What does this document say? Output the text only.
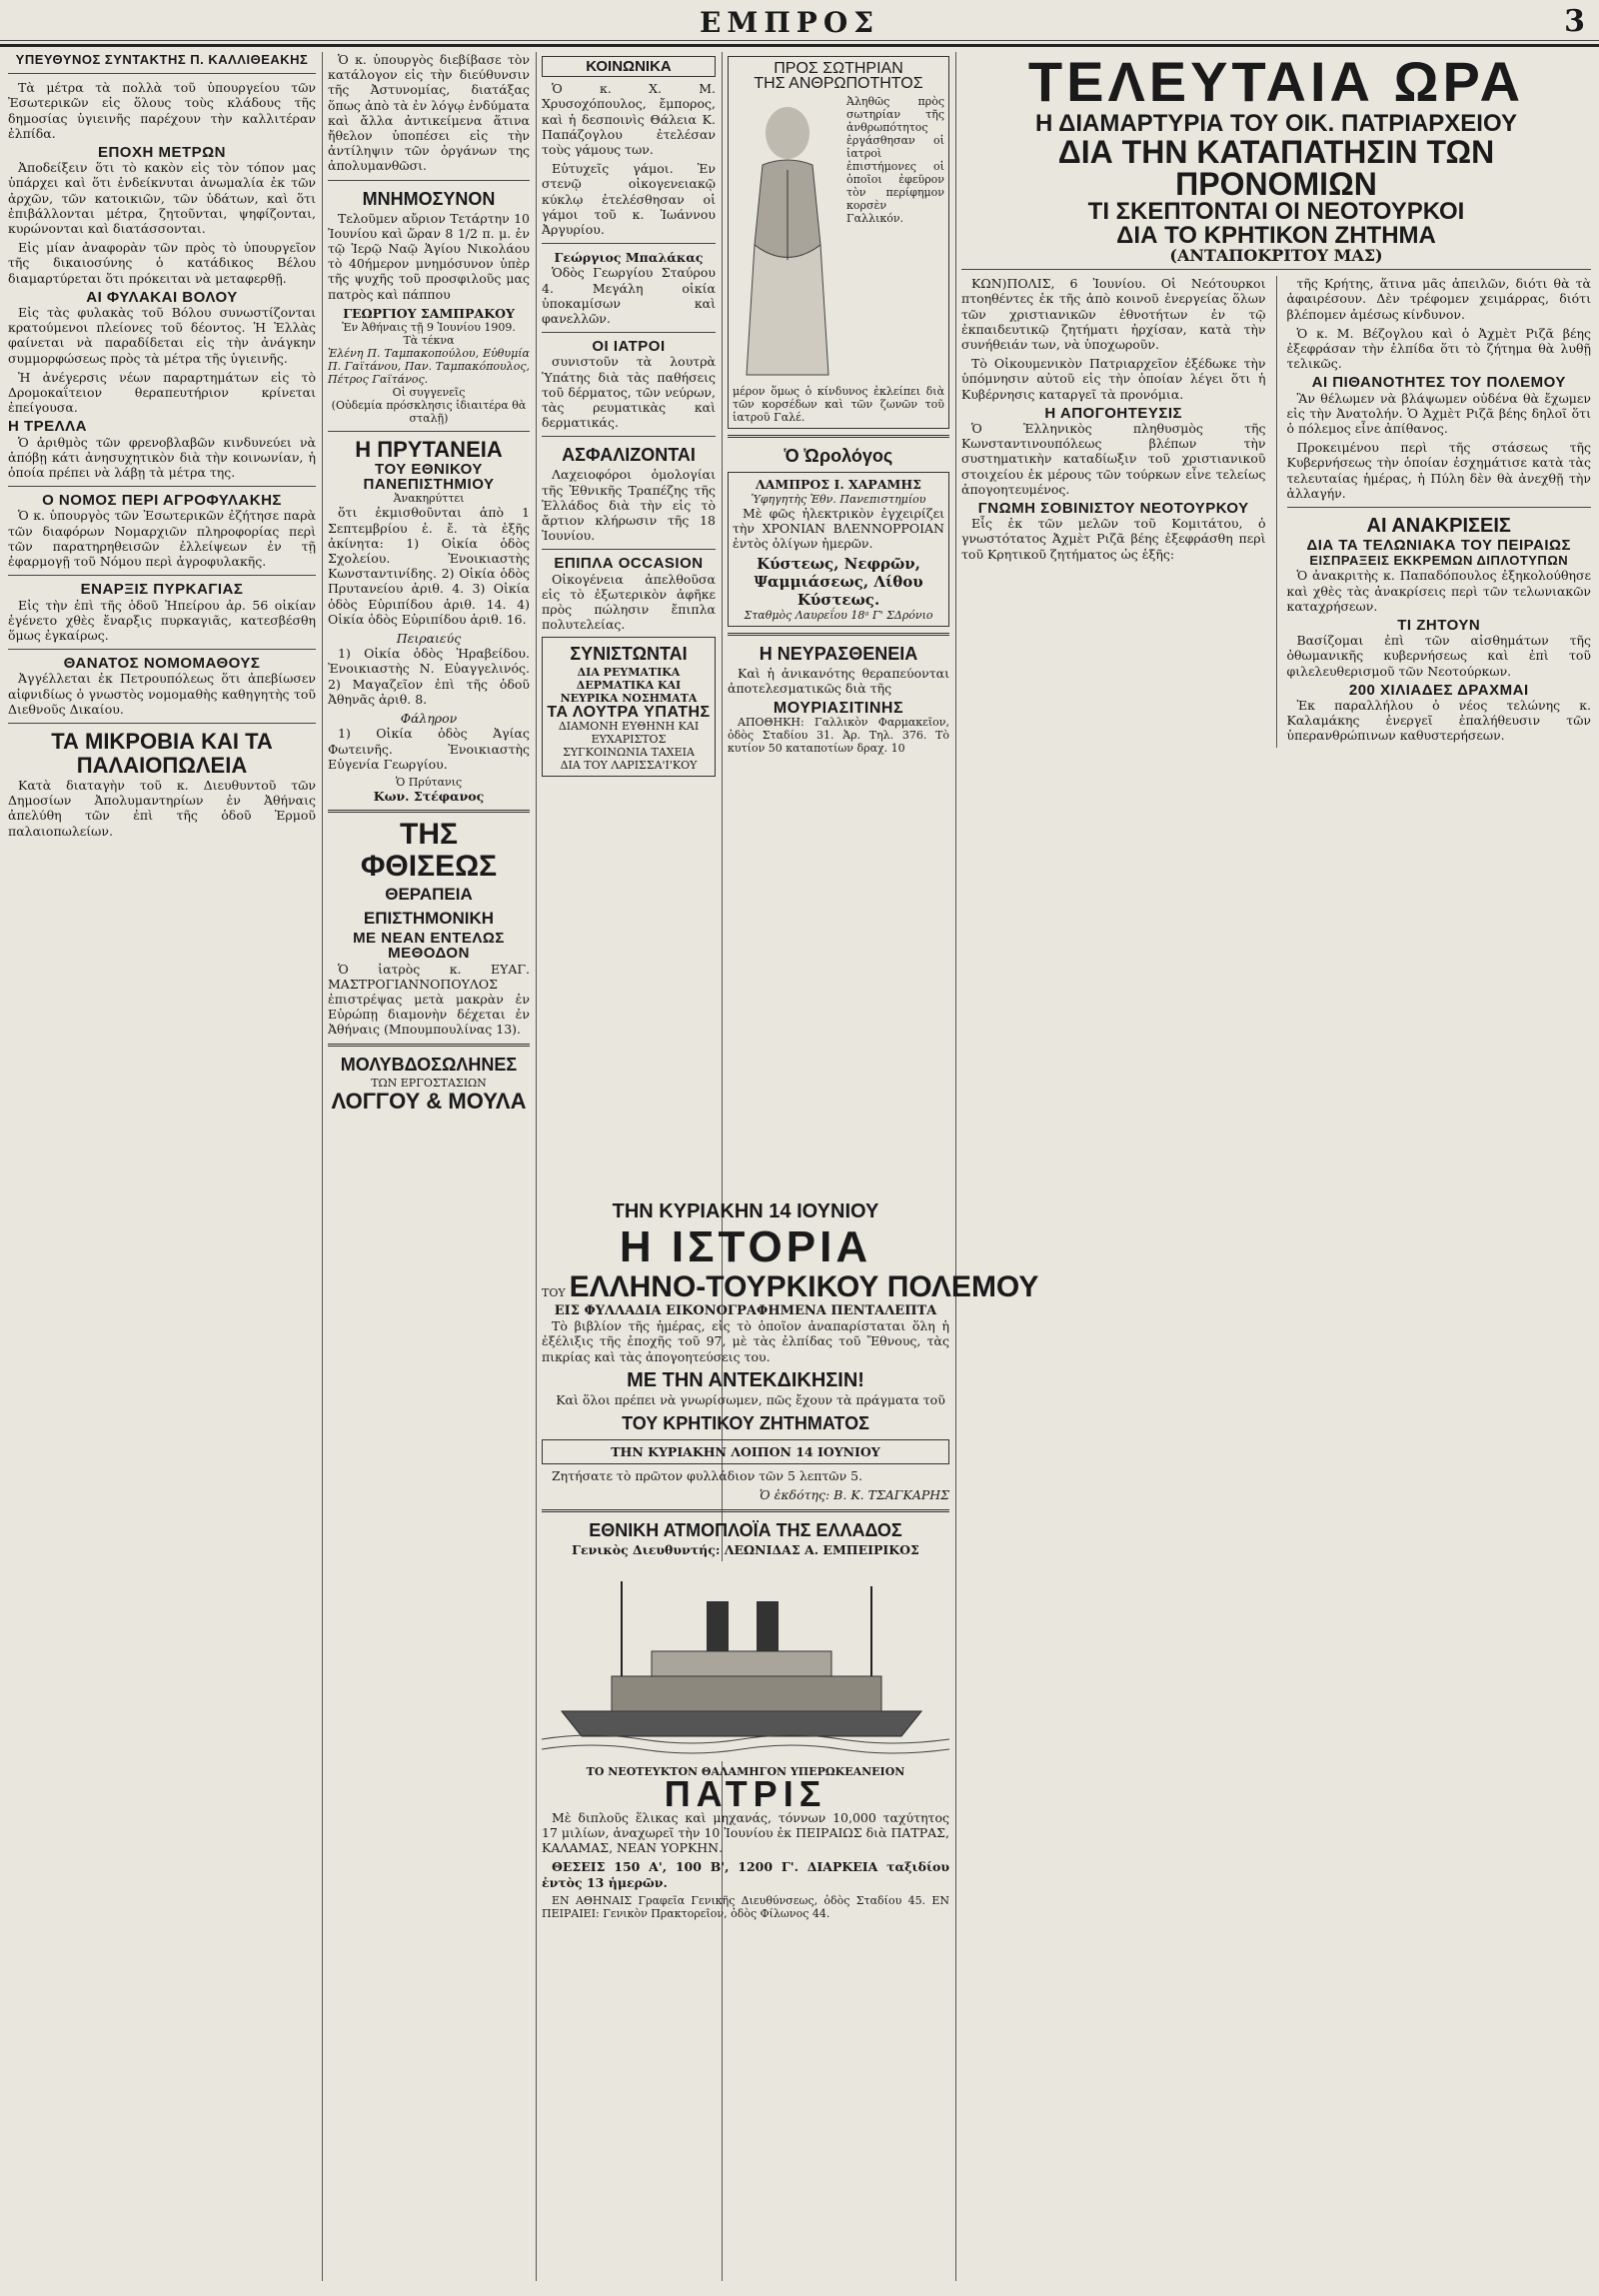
ΕΜΠΡΟΣ	3
ΥΠΕΥΘΥΝΟΣ ΣΥΝΤΑΚΤΗΣ Π. ΚΑΛΛΙΘΕΑΚΗΣ

Τὰ μέτρα τὰ πολλὰ τοῦ ὑπουργείου τῶν Ἐσωτερικῶν εἰς ὅλους τοὺς κλάδους τῆς δημοσίας ὑγιεινῆς παρέχουν τὴν καλλιτέραν ἐλπίδα.

ΕΠΟΧΗ ΜΕΤΡΩΝ

Ἀποδείξειν ὅτι τὸ κακὸν εἰς τὸν τόπον μας ὑπάρχει καὶ ὅτι ἐνδείκνυται ἀνωμαλία ἐκ τῶν ἀρχῶν, τῶν κατοικιῶν, τῶν ὑδάτων, καὶ ὅτι ἐπιβάλλονται μέτρα, ζητοῦνται, ψηφίζονται, κυρώνονται καὶ διατάσσονται.

Εἰς μίαν ἀναφορὰν τῶν πρὸς τὸ ὑπουργεῖον τῆς δικαιοσύνης ὁ κατάδικος Βέλου διαμαρτύρεται ὅτι πρόκειται νὰ μεταφερθῇ.

ΑΙ ΦΥΛΑΚΑΙ ΒΟΛΟΥ

Εἰς τὰς φυλακὰς τοῦ Βόλου συνωστίζονται κρατούμενοι πλείονες τοῦ δέοντος. Ἡ Ἑλλὰς φαίνεται νὰ παραδίδεται εἰς τὴν ἀνάγκην συμμορφώσεως πρὸς τὰ μέτρα τῆς ὑγιεινῆς.

Ἡ ἀνέγερσις νέων παραρτημάτων εἰς τὸ Δρομοκαΐτειον θεραπευτήριον κρίνεται ἐπείγουσα.

Η ΤΡΕΛΛΑ

Ὁ ἀριθμὸς τῶν φρενοβλαβῶν κινδυνεύει νὰ ἀπόβῃ κάτι ἀνησυχητικὸν διὰ τὴν κοινωνίαν, ἡ ὁποία πρέπει νὰ λάβῃ τὰ μέτρα της.

Ο ΝΟΜΟΣ ΠΕΡΙ ΑΓΡΟΦΥΛΑΚΗΣ

Ὁ κ. ὑπουργὸς τῶν Ἐσωτερικῶν ἐζήτησε παρὰ τῶν διαφόρων Νομαρχιῶν πληροφορίας περὶ τῶν παρατηρηθεισῶν ἐλλείψεων ἐν τῇ ἐφαρμογῇ τοῦ Νόμου περὶ ἀγροφυλακῆς.

ΕΝΑΡΞΙΣ ΠΥΡΚΑΓΙΑΣ

Εἰς τὴν ἐπὶ τῆς ὁδοῦ Ἠπείρου ἀρ. 56 οἰκίαν ἐγένετο χθὲς ἔναρξις πυρκαγιᾶς, κατεσβέσθη ὅμως ἐγκαίρως.

ΘΑΝΑΤΟΣ ΝΟΜΟΜΑΘΟΥΣ

Ἀγγέλλεται ἐκ Πετρουπόλεως ὅτι ἀπεβίωσεν αἰφνιδίως ὁ γνωστὸς νομομαθὴς καθηγητὴς τοῦ Διεθνοῦς Δικαίου.

ΤΑ ΜΙΚΡΟΒΙΑ ΚΑΙ ΤΑ ΠΑΛΑΙΟΠΩΛΕΙΑ

Κατὰ διαταγὴν τοῦ κ. Διευθυντοῦ τῶν Δημοσίων Ἀπολυμαντηρίων ἐν Ἀθήναις ἀπελύθη τῶν ἐπὶ τῆς ὁδοῦ Ἑρμοῦ παλαιοπωλείων.

Ὁ κ. ὑπουργὸς διεβίβασε τὸν κατάλογον εἰς τὴν διεύθυνσιν τῆς Ἀστυνομίας, διατάξας ὅπως ἀπὸ τὰ ἐν λόγῳ ἐνδύματα καὶ ἄλλα ἀντικείμενα ἅτινα ἤθελον ὑποπέσει εἰς τὴν ἀντίληψιν τῶν ὀργάνων της ἀπολυμανθῶσι.

ΜΝΗΜΟΣΥΝΟΝ

Τελοῦμεν αὔριον Τετάρτην 10 Ἰουνίου καὶ ὥραν 8 1/2 π. μ. ἐν τῷ Ἱερῷ Ναῷ Ἁγίου Νικολάου τὸ 40ήμερον μνημόσυνον ὑπὲρ τῆς ψυχῆς τοῦ προσφιλοῦς μας πατρὸς καὶ πάππου

ΓΕΩΡΓΙΟΥ ΣΑΜΠΡΑΚΟΥ
Ἐν Ἀθήναις τῇ 9 Ἰουνίου 1909.
Τὰ τέκνα
Ἑλένη Π. Ταμπακοπούλου, Εὐθυμία Π. Γαϊτάνου, Παν. Ταμπακόπουλος, Πέτρος Γαϊτάνος.
Οἱ συγγενεῖς
(Οὐδεμία πρόσκλησις ἰδιαιτέρα θὰ σταλῇ)
Η ΠΡΥΤΑΝΕΙΑ
ΤΟΥ ΕΘΝΙΚΟΥ ΠΑΝΕΠΙΣΤΗΜΙΟΥ
Ἀνακηρύττει

ὅτι ἐκμισθοῦνται ἀπὸ 1 Σεπτεμβρίου ἐ. ἔ. τὰ ἑξῆς ἀκίνητα: 1) Οἰκία ὁδὸς Σχολείου. Ἐνοικιαστὴς Κωνσταντινίδης. 2) Οἰκία ὁδὸς Πρυτανείου ἀριθ. 4. 3) Οἰκία ὁδὸς Εὐριπίδου ἀριθ. 14. 4) Οἰκία ὁδὸς Εὐριπίδου ἀριθ. 16.

Πειραιεύς

1) Οἰκία ὁδὸς Ἠραβείδου. Ἐνοικιαστὴς Ν. Εὐαγγελινός. 2) Μαγαζεῖον ἐπὶ τῆς ὁδοῦ Ἀθηνᾶς ἀριθ. 8.

Φάληρον

1) Οἰκία ὁδὸς Ἀγίας Φωτεινῆς. Ἐνοικιαστὴς Εὐγενία Γεωργίου.

Ὁ Πρύτανις
Κων. Στέφανος
ΤΗΣ ΦΘΙΣΕΩΣ
ΘΕΡΑΠΕΙΑ ΕΠΙΣΤΗΜΟΝΙΚΗ
ΜΕ ΝΕΑΝ ΕΝΤΕΛΩΣ ΜΕΘΟΔΟΝ

Ὁ ἰατρὸς κ. ΕΥΑΓ. ΜΑΣΤΡΟΓΙΑΝΝΟΠΟΥΛΟΣ ἐπιστρέψας μετὰ μακρὰν ἐν Εὐρώπῃ διαμονὴν δέχεται ἐν Ἀθήναις (Μπουμπουλίνας 13).

ΜΟΛΥΒΔΟΣΩΛΗΝΕΣ
ΤΩΝ ΕΡΓΟΣΤΑΣΙΩΝ
ΛΟΓΓΟΥ & ΜΟΥΛΑ
ΚΟΙΝΩΝΙΚΑ

Ὁ κ. Χ. Μ. Χρυσοχόπουλος, ἔμπορος, καὶ ἡ δεσποινὶς Θάλεια Κ. Παπάζογλου ἐτελέσαν τοὺς γάμους των.

Εὐτυχεῖς γάμοι. Ἐν στενῷ οἰκογενειακῷ κύκλῳ ἐτελέσθησαν οἱ γάμοι τοῦ κ. Ἰωάννου Ἀργυρίου.

Γεώργιος Μπαλάκας

Ὁδὸς Γεωργίου Σταύρου 4. Μεγάλη οἰκία ὑποκαμίσων καὶ φανελλῶν.

ΟΙ ΙΑΤΡΟΙ

συνιστοῦν τὰ λουτρὰ Ὑπάτης διὰ τὰς παθήσεις τοῦ δέρματος, τῶν νεύρων, τὰς ρευματικὰς καὶ δερματικάς.

ΑΣΦΑΛΙΖΟΝΤΑΙ

Λαχειοφόροι ὁμολογίαι τῆς Ἐθνικῆς Τραπέζης τῆς Ἑλλάδος διὰ τὴν εἰς τὸ ἄρτιον κλήρωσιν τῆς 18 Ἰουνίου.

ΕΠΙΠΛΑ OCCASION

Οἰκογένεια ἀπελθοῦσα εἰς τὸ ἐξωτερικὸν ἀφῆκε πρὸς πώλησιν ἔπιπλα πολυτελείας.

ΣΥΝΙΣΤΩΝΤΑΙ
ΔΙΑ ΡΕΥΜΑΤΙΚΑ ΔΕΡΜΑΤΙΚΑ ΚΑΙ ΝΕΥΡΙΚΑ ΝΟΣΗΜΑΤΑ
ΤΑ ΛΟΥΤΡΑ ΥΠΑΤΗΣ
ΔΙΑΜΟΝΗ ΕΥΘΗΝΗ ΚΑΙ ΕΥΧΑΡΙΣΤΟΣ
ΣΥΓΚΟΙΝΩΝΙΑ ΤΑΧΕΙΑ
ΔΙΑ ΤΟΥ ΛΑΡΙΣΣΑ'Ι'ΚΟΥ
ΠΡΟΣ ΣΩΤΗΡΙΑΝ
ΤΗΣ ΑΝΘΡΩΠΟΤΗΤΟΣ
Ἀληθῶς πρὸς σωτηρίαν τῆς ἀνθρωπότητος ἐργάσθησαν οἱ ἰατροὶ ἐπιστήμονες οἱ ὁποῖοι ἐφεῦρον τὸν περίφημον κορσὲν Γαλλικόν.
μέρον ὅμως ὁ κίνδυνος ἐκλείπει διὰ τῶν κορσέδων καὶ τῶν ζωνῶν τοῦ ἰατροῦ Γαλέ.
Ὁ Ὡρολόγος
ΛΑΜΠΡΟΣ Ι. ΧΑΡΑΜΗΣ
Ὑφηγητὴς Ἐθν. Πανεπιστημίου

Μὲ φῶς ἠλεκτρικὸν ἐγχειρίζει τὴν ΧΡΟΝΙΑΝ ΒΛΕΝΝΟΡΡΟΙΑΝ ἐντὸς ὀλίγων ἡμερῶν.

Κύστεως, Νεφρῶν, Ψαμμιάσεως, Λίθου Κύστεως.
Σταθμὸς Λαυρεΐου 18ᵃ Γ' ΣΔρόνιο
Η ΝΕΥΡΑΣΘΕΝΕΙΑ

Καὶ ἡ ἀνικανότης θεραπεύονται ἀποτελεσματικῶς διὰ τῆς

ΜΟΥΡΙΑΣΙΤΙΝΗΣ

ΑΠΟΘΗΚΗ: Γαλλικὸν Φαρμακεῖον, ὁδὸς Σταδίου 31. Ἀρ. Τηλ. 376. Τὸ κυτίον 50 καταποτίων δραχ. 10

ΤΗΝ ΚΥΡΙΑΚΗΝ 14 ΙΟΥΝΙΟΥ
Η ΙΣΤΟΡΙΑ
ΤΟΥ ΕΛΛΗΝΟ-ΤΟΥΡΚΙΚΟΥ ΠΟΛΕΜΟΥ
ΕΙΣ ΦΥΛΛΑΔΙΑ ΕΙΚΟΝΟΓΡΑΦΗΜΕΝΑ ΠΕΝΤΑΛΕΠΤΑ

Τὸ βιβλίον τῆς ἡμέρας, εἰς τὸ ὁποῖον ἀναπαρίσταται ὅλη ἡ ἐξέλιξις τῆς ἐποχῆς τοῦ 97, μὲ τὰς ἐλπίδας τοῦ Ἔθνους, τὰς πικρίας καὶ τὰς ἀπογοητεύσεις του.

ΜΕ ΤΗΝ ΑΝΤΕΚΔΙΚΗΣΙΝ!

Καὶ ὅλοι πρέπει νὰ γνωρίσωμεν, πῶς ἔχουν τὰ πράγματα τοῦ

ΤΟΥ ΚΡΗΤΙΚΟΥ ΖΗΤΗΜΑΤΟΣ
ΤΗΝ ΚΥΡΙΑΚΗΝ ΛΟΙΠΟΝ 14 ΙΟΥΝΙΟΥ

Ζητήσατε τὸ πρῶτον φυλλάδιον τῶν 5 λεπτῶν 5.

Ὁ ἐκδότης: Β. Κ. ΤΣΑΓΚΑΡΗΣ
ΕΘΝΙΚΗ ΑΤΜΟΠΛΟΪΑ ΤΗΣ ΕΛΛΑΔΟΣ
Γενικὸς Διευθυντής: ΛΕΩΝΙΔΑΣ Α. ΕΜΠΕΙΡΙΚΟΣ
ΤΟ ΝΕΟΤΕΥΚΤΟΝ ΘΑΛΑΜΗΓΟΝ ΥΠΕΡΩΚΕΑΝΕΙΟΝ
ΠΑΤΡΙΣ

Μὲ διπλοῦς ἕλικας καὶ μηχανάς, τόννων 10,000 ταχύτητος 17 μιλίων, ἀναχωρεῖ τὴν 10 Ἰουνίου ἐκ ΠΕΙΡΑΙΩΣ διὰ ΠΑΤΡΑΣ, ΚΑΛΑΜΑΣ, ΝΕΑΝ ΥΟΡΚΗΝ.

ΘΕΣΕΙΣ 150 Α', 100 Β', 1200 Γ'. ΔΙΑΡΚΕΙΑ ταξιδίου ἐντὸς 13 ἡμερῶν.

ΕΝ ΑΘΗΝΑΙΣ Γραφεῖα Γενικῆς Διευθύνσεως, ὁδὸς Σταδίου 45. ΕΝ ΠΕΙΡΑΙΕΙ: Γενικὸν Πρακτορεῖον, ὁδὸς Φίλωνος 44.

ΤΕΛΕΥΤΑΙΑ ΩΡΑ
Η ΔΙΑΜΑΡΤΥΡΙΑ ΤΟΥ ΟΙΚ. ΠΑΤΡΙΑΡΧΕΙΟΥ
ΔΙΑ ΤΗΝ ΚΑΤΑΠΑΤΗΣΙΝ ΤΩΝ ΠΡΟΝΟΜΙΩΝ
ΤΙ ΣΚΕΠΤΟΝΤΑΙ ΟΙ ΝΕΟΤΟΥΡΚΟΙ
ΔΙΑ ΤΟ ΚΡΗΤΙΚΟΝ ΖΗΤΗΜΑ
(ΑΝΤΑΠΟΚΡΙΤΟΥ ΜΑΣ)

ΚΩΝ)ΠΟΛΙΣ, 6 Ἰουνίου. Οἱ Νεότουρκοι πτοηθέντες ἐκ τῆς ἀπὸ κοινοῦ ἐνεργείας ὅλων τῶν χριστιανικῶν ἐθνοτήτων ἐν τῷ ἐκπαιδευτικῷ ζητήματι ἠρχίσαν, κατὰ τὴν συνήθειάν των, νὰ ὑποχωροῦν.

Τὸ Οἰκουμενικὸν Πατριαρχεῖον ἐξέδωκε τὴν ὑπόμνησιν αὐτοῦ εἰς τὴν ὁποίαν λέγει ὅτι ἡ Κυβέρνησις καταργεῖ τὰ προνόμια.

Η ΑΠΟΓΟΗΤΕΥΣΙΣ

Ὁ Ἑλληνικὸς πληθυσμὸς τῆς Κωνσταντινουπόλεως βλέπων τὴν συστηματικὴν καταδίωξιν τοῦ χριστιανικοῦ στοιχείου ἐκ μέρους τῶν τούρκων εἶνε τελείως ἀπογοητευμένος.

ΓΝΩΜΗ ΣΟΒΙΝΙΣΤΟΥ ΝΕΟΤΟΥΡΚΟΥ

Εἷς ἐκ τῶν μελῶν τοῦ Κομιτάτου, ὁ γνωστότατος Ἀχμὲτ Ριζᾶ βέης ἐξεφράσθη περὶ τοῦ Κρητικοῦ ζητήματος ὡς ἑξῆς:

τῆς Κρήτης, ἅτινα μᾶς ἀπειλῶν, διότι θὰ τὰ ἀφαιρέσουν. Δὲν τρέφομεν χειμάρρας, διότι βλέπομεν ἀμέσως κίνδυνον.

Ὁ κ. Μ. Βέζογλου καὶ ὁ Ἀχμὲτ Ριζᾶ βέης ἐξεφράσαν τὴν ἐλπίδα ὅτι τὸ ζήτημα θὰ λυθῇ τελικῶς.

ΑΙ ΠΙΘΑΝΟΤΗΤΕΣ ΤΟΥ ΠΟΛΕΜΟΥ

Ἂν θέλωμεν νὰ βλάψωμεν οὐδένα θὰ ἔχωμεν εἰς τὴν Ἀνατολήν. Ὁ Ἀχμὲτ Ριζᾶ βέης δηλοῖ ὅτι ὁ πόλεμος εἶνε ἀπίθανος.

Προκειμένου περὶ τῆς στάσεως τῆς Κυβερνήσεως τὴν ὁποίαν ἐσχημάτισε κατὰ τὰς τελευταίας ἡμέρας, ἡ Πύλη δὲν θὰ ἀνεχθῇ τὴν ἀλλαγήν.

ΑΙ ΑΝΑΚΡΙΣΕΙΣ
ΔΙΑ ΤΑ ΤΕΛΩΝΙΑΚΑ ΤΟΥ ΠΕΙΡΑΙΩΣ
ΕΙΣΠΡΑΞΕΙΣ ΕΚΚΡΕΜΩΝ ΔΙΠΛΟΤΥΠΩΝ

Ὁ ἀνακριτὴς κ. Παπαδόπουλος ἐξηκολούθησε καὶ χθὲς τὰς ἀνακρίσεις περὶ τῶν τελωνιακῶν καταχρήσεων.

ΤΙ ΖΗΤΟΥΝ

Βασίζομαι ἐπὶ τῶν αἰσθημάτων τῆς ὀθωμανικῆς κυβερνήσεως καὶ ἐπὶ τοῦ φιλελευθερισμοῦ τῶν Νεοτούρκων.

200 ΧΙΛΙΑΔΕΣ ΔΡΑΧΜΑΙ

Ἐκ παραλλήλου ὁ νέος τελώνης κ. Καλαμάκης ἐνεργεῖ ἐπαλήθευσιν τῶν ὑπερανθρώπινων καθυστερήσεων.
